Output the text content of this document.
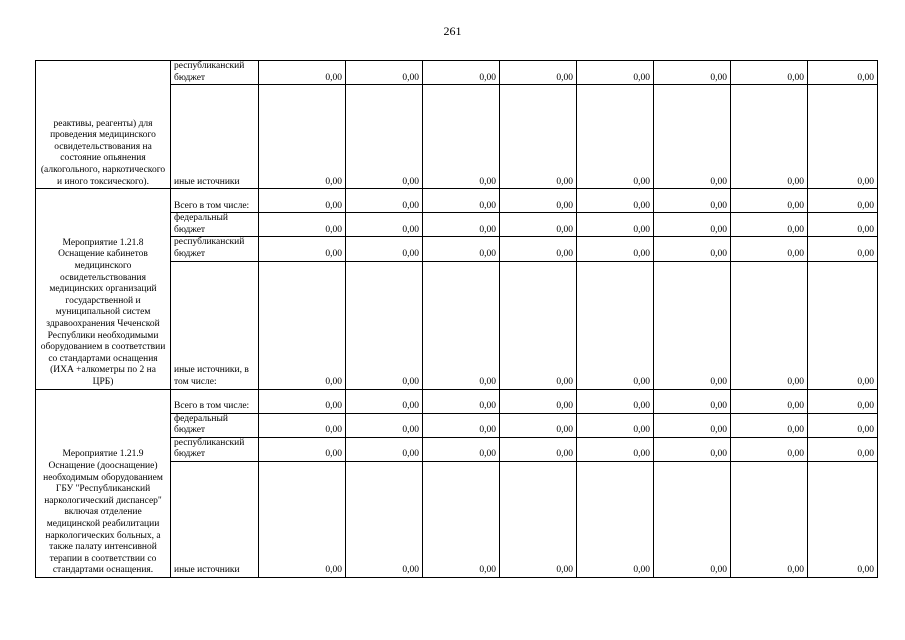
261
реактивы, реагенты) для проведения медицинского освидетельствования на состояние опьянения (алкогольного, наркотического и иного токсического).	республиканский бюджет	0,00	0,00	0,00	0,00	0,00	0,00	0,00	0,00
	иные источники	0,00	0,00	0,00	0,00	0,00	0,00	0,00	0,00
Мероприятие 1.21.8 Оснащение кабинетов медицинского освидетельствования медицинских организаций государственной и муниципальной систем здравоохранения Чеченской Республики необходимыми оборудованием в соответствии со стандартами оснащения (ИХА +алкометры по 2 на ЦРБ)	Всего в том числе:	0,00	0,00	0,00	0,00	0,00	0,00	0,00	0,00
	федеральный бюджет	0,00	0,00	0,00	0,00	0,00	0,00	0,00	0,00
	республиканский бюджет	0,00	0,00	0,00	0,00	0,00	0,00	0,00	0,00
	иные источники, в том числе:	0,00	0,00	0,00	0,00	0,00	0,00	0,00	0,00
Мероприятие 1.21.9 Оснащение (дооснащение) необходимым оборудованием ГБУ "Республиканский наркологический диспансер" включая отделение медицинской реабилитации наркологических больных, а также палату интенсивной терапии в соответствии со стандартами оснащения.	Всего в том числе:	0,00	0,00	0,00	0,00	0,00	0,00	0,00	0,00
	федеральный бюджет	0,00	0,00	0,00	0,00	0,00	0,00	0,00	0,00
	республиканский бюджет	0,00	0,00	0,00	0,00	0,00	0,00	0,00	0,00
	иные источники	0,00	0,00	0,00	0,00	0,00	0,00	0,00	0,00
